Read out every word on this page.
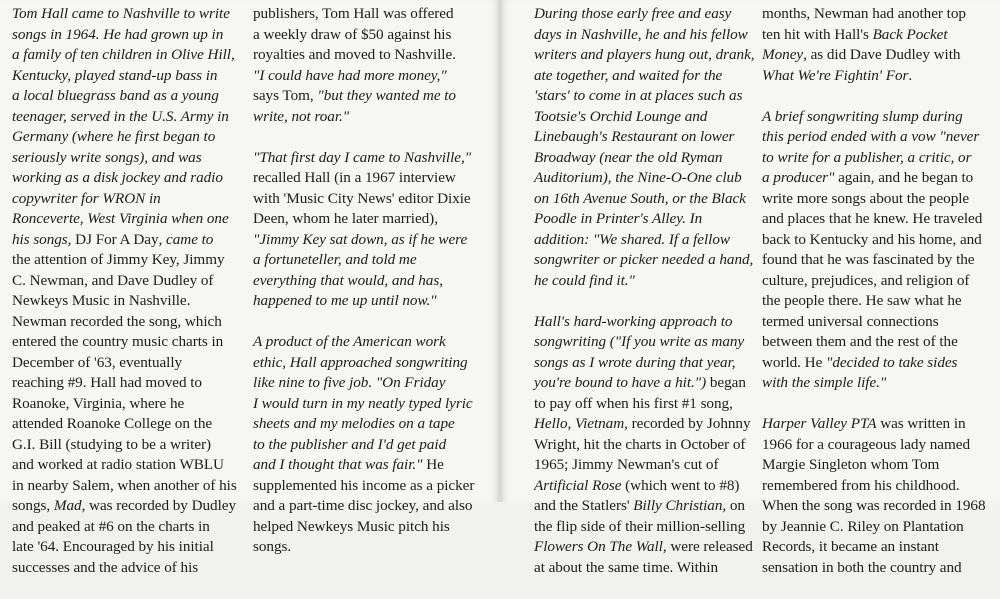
Tom Hall came to Nashville to write
songs in 1964. He had grown up in
a family of ten children in Olive Hill,
Kentucky, played stand-up bass in
a local bluegrass band as a young
teenager, served in the U.S. Army in
Germany (where he first began to
seriously write songs), and was
working as a disk jockey and radio
copywriter for WRON in
Ronceverte, West Virginia when one
his songs, DJ For A Day, came to
the attention of Jimmy Key, Jimmy
C. Newman, and Dave Dudley of
Newkeys Music in Nashville.
Newman recorded the song, which
entered the country music charts in
December of '63, eventually
reaching #9. Hall had moved to
Roanoke, Virginia, where he
attended Roanoke College on the
G.I. Bill (studying to be a writer)
and worked at radio station WBLU
in nearby Salem, when another of his
songs, Mad, was recorded by Dudley
and peaked at #6 on the charts in
late '64. Encouraged by his initial
successes and the advice of his
publishers, Tom Hall was offered
a weekly draw of $50 against his
royalties and moved to Nashville.
"I could have had more money,"
says Tom, "but they wanted me to
write, not roar."
"That first day I came to Nashville,"
recalled Hall (in a 1967 interview
with 'Music City News' editor Dixie
Deen, whom he later married),
"Jimmy Key sat down, as if he were
a fortuneteller, and told me
everything that would, and has,
happened to me up until now."
A product of the American work
ethic, Hall approached songwriting
like nine to five job. "On Friday
I would turn in my neatly typed lyric
sheets and my melodies on a tape
to the publisher and I'd get paid
and I thought that was fair." He
supplemented his income as a picker
and a part-time disc jockey, and also
helped Newkeys Music pitch his
songs.
During those early free and easy
days in Nashville, he and his fellow
writers and players hung out, drank,
ate together, and waited for the
'stars' to come in at places such as
Tootsie's Orchid Lounge and
Linebaugh's Restaurant on lower
Broadway (near the old Ryman
Auditorium), the Nine-O-One club
on 16th Avenue South, or the Black
Poodle in Printer's Alley. In
addition: "We shared. If a fellow
songwriter or picker needed a hand,
he could find it."
Hall's hard-working approach to
songwriting ("If you write as many
songs as I wrote during that year,
you're bound to have a hit.") began
to pay off when his first #1 song,
Hello, Vietnam, recorded by Johnny
Wright, hit the charts in October of
1965; Jimmy Newman's cut of
Artificial Rose (which went to #8)
and the Statlers' Billy Christian, on
the flip side of their million-selling
Flowers On The Wall, were released
at about the same time. Within
months, Newman had another top
ten hit with Hall's Back Pocket
Money, as did Dave Dudley with
What We're Fightin' For.
A brief songwriting slump during
this period ended with a vow "never
to write for a publisher, a critic, or
a producer" again, and he began to
write more songs about the people
and places that he knew. He traveled
back to Kentucky and his home, and
found that he was fascinated by the
culture, prejudices, and religion of
the people there. He saw what he
termed universal connections
between them and the rest of the
world. He "decided to take sides
with the simple life."
Harper Valley PTA was written in
1966 for a courageous lady named
Margie Singleton whom Tom
remembered from his childhood.
When the song was recorded in 1968
by Jeannie C. Riley on Plantation
Records, it became an instant
sensation in both the country and
